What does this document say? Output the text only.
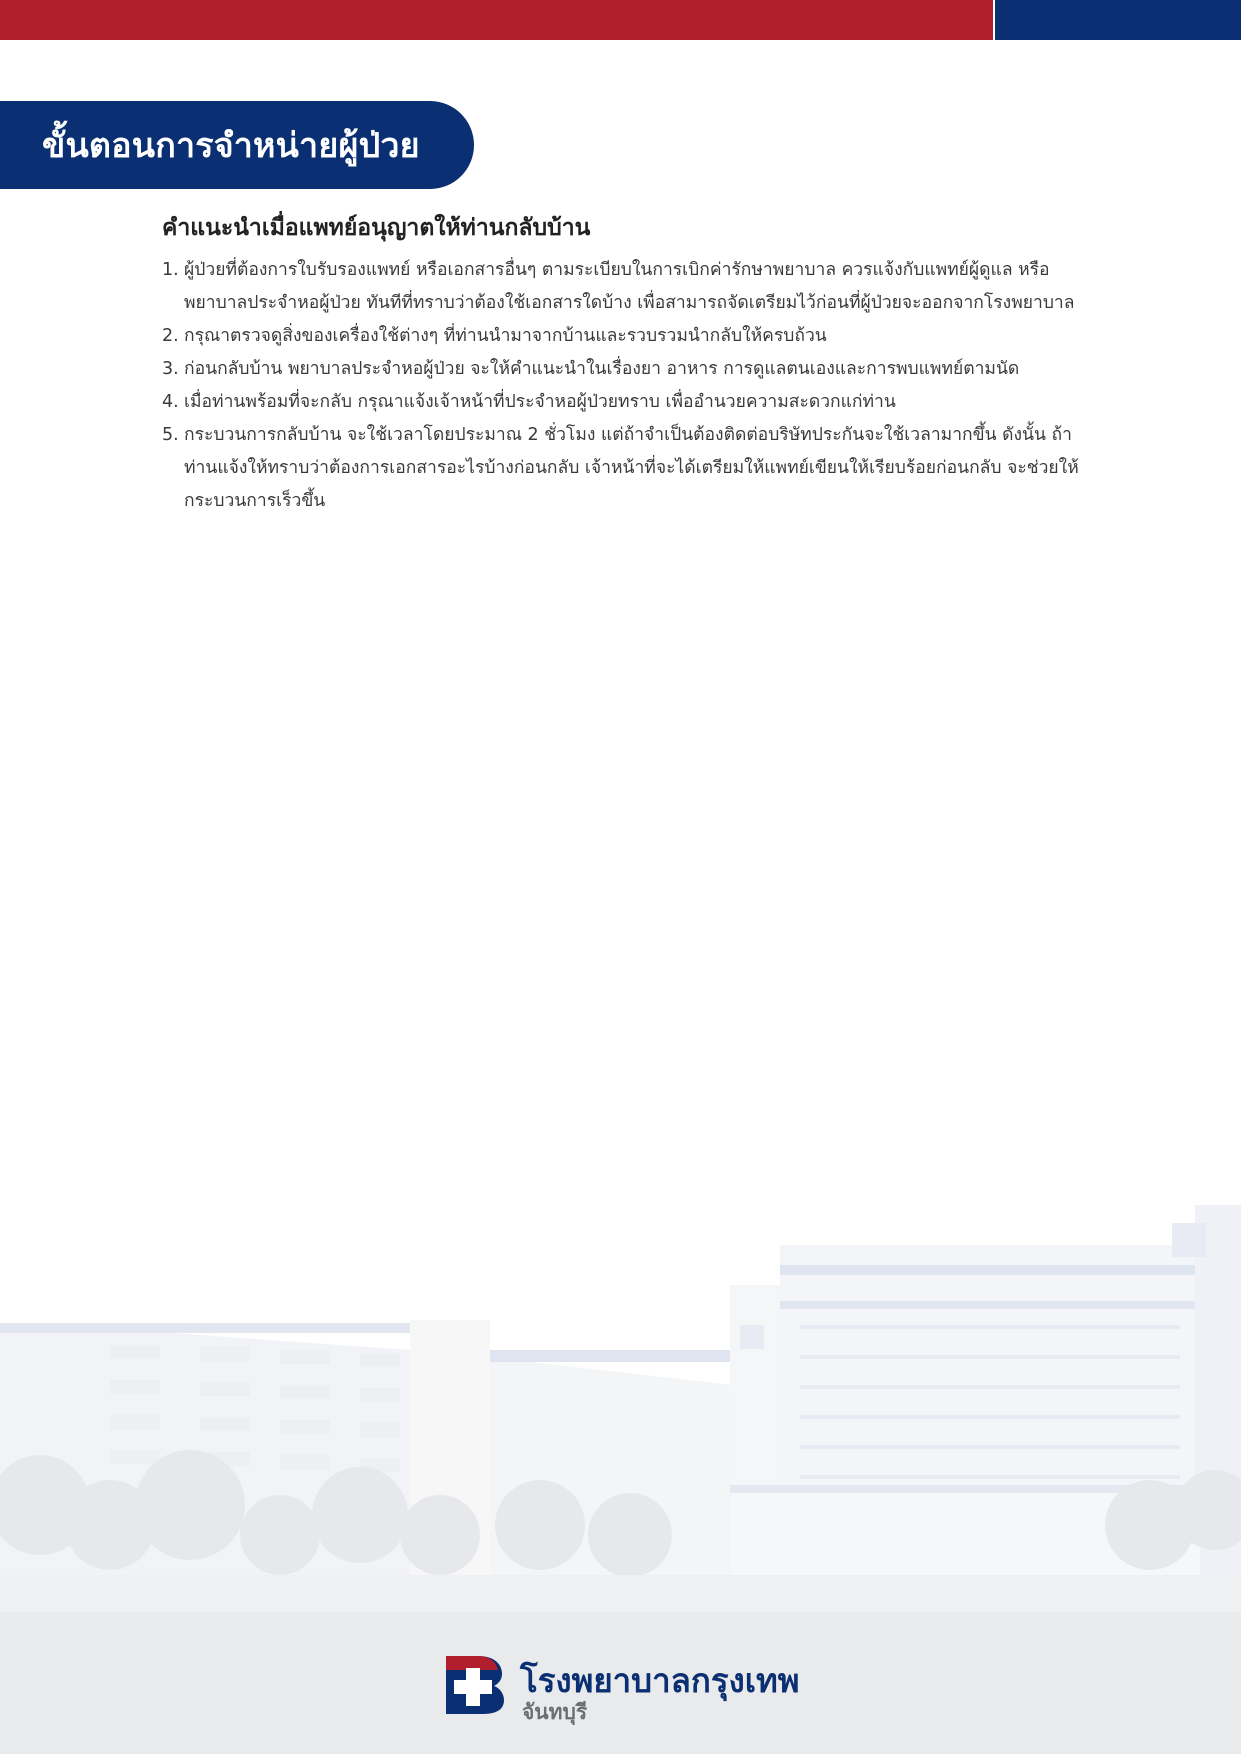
ขั้นตอนการจำหน่ายผู้ป่วย
คำแนะนำเมื่อแพทย์อนุญาตให้ท่านกลับบ้าน
1. ผู้ป่วยที่ต้องการใบรับรองแพทย์ หรือเอกสารอื่นๆ ตามระเบียบในการเบิกค่ารักษาพยาบาล ควรแจ้งกับแพทย์ผู้ดูแล หรือพยาบาลประจำหอผู้ป่วย ทันทีที่ทราบว่าต้องใช้เอกสารใดบ้าง เพื่อสามารถจัดเตรียมไว้ก่อนที่ผู้ป่วยจะออกจากโรงพยาบาล
2. กรุณาตรวจดูสิ่งของเครื่องใช้ต่างๆ ที่ท่านนำมาจากบ้านและรวบรวมนำกลับให้ครบถ้วน
3. ก่อนกลับบ้าน พยาบาลประจำหอผู้ป่วย จะให้คำแนะนำในเรื่องยา อาหาร การดูแลตนเองและการพบแพทย์ตามนัด
4. เมื่อท่านพร้อมที่จะกลับ กรุณาแจ้งเจ้าหน้าที่ประจำหอผู้ป่วยทราบ เพื่ออำนวยความสะดวกแก่ท่าน
5. กระบวนการกลับบ้าน จะใช้เวลาโดยประมาณ 2 ชั่วโมง แต่ถ้าจำเป็นต้องติดต่อบริษัทประกันจะใช้เวลามากขึ้น ดังนั้น ถ้าท่านแจ้งให้ทราบว่าต้องการเอกสารอะไรบ้างก่อนกลับ เจ้าหน้าที่จะได้เตรียมให้แพทย์เขียนให้เรียบร้อยก่อนกลับ จะช่วยให้กระบวนการเร็วขึ้น
โรงพยาบาลกรุงเทพ
จันทบุรี
